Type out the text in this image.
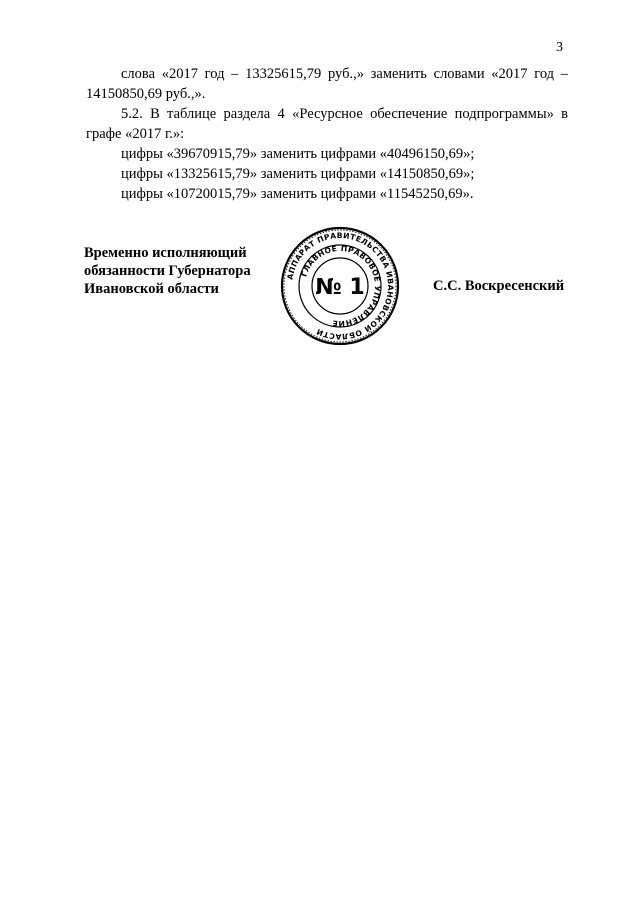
3

слова «2017 год – 13325615,79 руб.,» заменить словами «2017 год –

14150850,69 руб.,».

5.2. В таблице раздела 4 «Ресурсное обеспечение подпрограммы» в графе «2017 г.»:

цифры «39670915,79» заменить цифрами «40496150,69»;

цифры «13325615,79» заменить цифрами «14150850,69»;

цифры «10720015,79» заменить цифрами «11545250,69».

Временно исполняющий

обязанности Губернатора

Ивановской области

АППАРАТ ПРАВИТЕЛЬСТВА ИВАНОВСКОЙ ОБЛАСТИ
ГЛАВНОЕ ПРАВОВОЕ УПРАВЛЕНИЕ
№ 1	С.С. Воскресенский
